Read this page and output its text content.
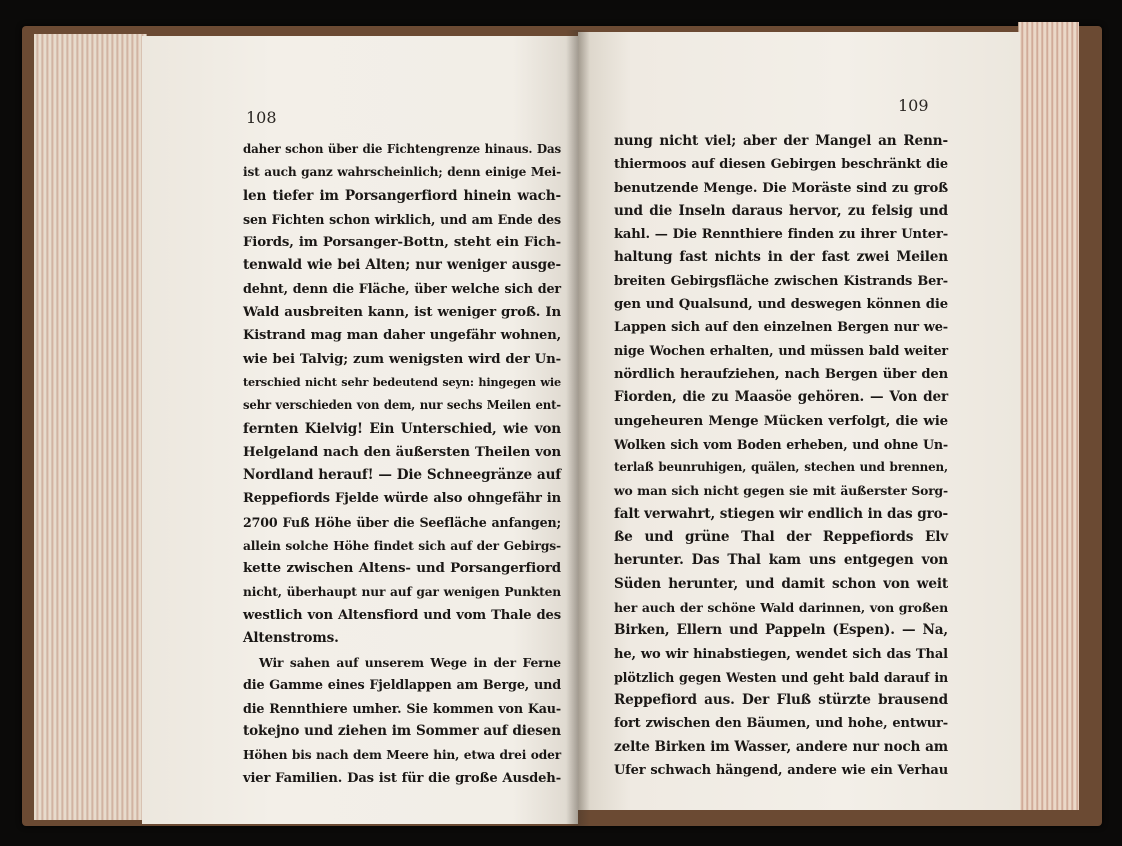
108
daher schon über die Fichtengrenze hinaus. Das
ist auch ganz wahrscheinlich; denn einige Mei-
len tiefer im Porsangerfiord hinein wach-
sen Fichten schon wirklich, und am Ende des
Fiords, im Porsanger-Bottn, steht ein Fich-
tenwald wie bei Alten; nur weniger ausge-
dehnt, denn die Fläche, über welche sich der
Wald ausbreiten kann, ist weniger groß. In
Kistrand mag man daher ungefähr wohnen,
wie bei Talvig; zum wenigsten wird der Un-
terschied nicht sehr bedeutend seyn: hingegen wie
sehr verschieden von dem, nur sechs Meilen ent-
fernten Kielvig! Ein Unterschied, wie von
Helgeland nach den äußersten Theilen von
Nordland herauf! — Die Schneegränze auf
Reppefiords Fjelde würde also ohngefähr in
2700 Fuß Höhe über die Seefläche anfangen;
allein solche Höhe findet sich auf der Gebirgs-
kette zwischen Altens- und Porsangerfiord
nicht, überhaupt nur auf gar wenigen Punkten
westlich von Altensfiord und vom Thale des
Altenstroms.
Wir sahen auf unserem Wege in der Ferne
die Gamme eines Fjeldlappen am Berge, und
die Rennthiere umher. Sie kommen von Kau-
tokejno und ziehen im Sommer auf diesen
Höhen bis nach dem Meere hin, etwa drei oder
vier Familien. Das ist für die große Ausdeh-
109
nung nicht viel; aber der Mangel an Renn-
thiermoos auf diesen Gebirgen beschränkt die
benutzende Menge. Die Moräste sind zu groß
und die Inseln daraus hervor, zu felsig und
kahl. — Die Rennthiere finden zu ihrer Unter-
haltung fast nichts in der fast zwei Meilen
breiten Gebirgsfläche zwischen Kistrands Ber-
gen und Qualsund, und deswegen können die
Lappen sich auf den einzelnen Bergen nur we-
nige Wochen erhalten, und müssen bald weiter
nördlich heraufziehen, nach Bergen über den
Fiorden, die zu Maasöe gehören. — Von der
ungeheuren Menge Mücken verfolgt, die wie
Wolken sich vom Boden erheben, und ohne Un-
terlaß beunruhigen, quälen, stechen und brennen,
wo man sich nicht gegen sie mit äußerster Sorg-
falt verwahrt, stiegen wir endlich in das gro-
ße und grüne Thal der Reppefiords Elv
herunter. Das Thal kam uns entgegen von
Süden herunter, und damit schon von weit
her auch der schöne Wald darinnen, von großen
Birken, Ellern und Pappeln (Espen). — Na,
he, wo wir hinabstiegen, wendet sich das Thal
plötzlich gegen Westen und geht bald darauf in
Reppefiord aus. Der Fluß stürzte brausend
fort zwischen den Bäumen, und hohe, entwur-
zelte Birken im Wasser, andere nur noch am
Ufer schwach hängend, andere wie ein Verhau
